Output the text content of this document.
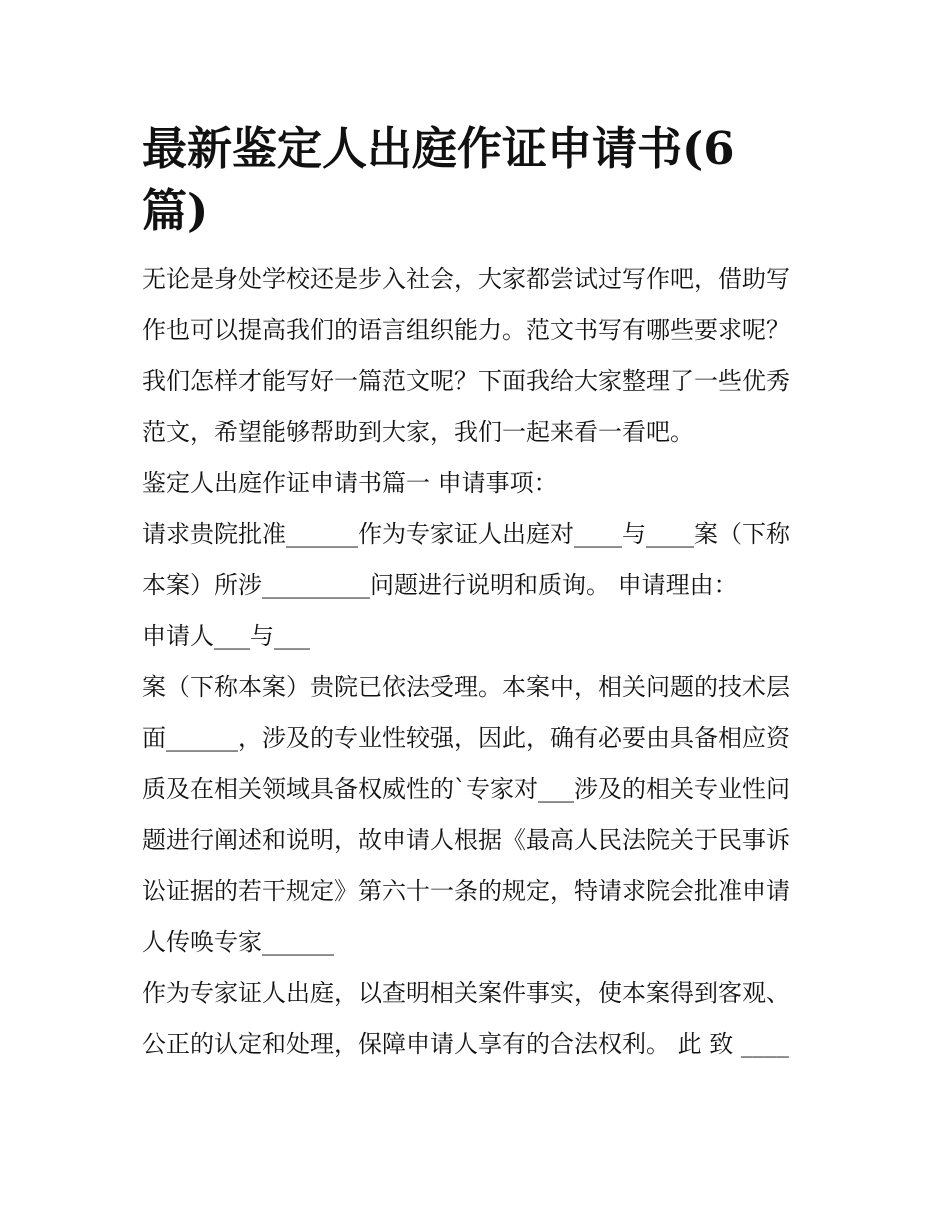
最新鉴定人出庭作证申请书(6
篇)
无论是身处学校还是步入社会，大家都尝试过写作吧，借助写
作也可以提高我们的语言组织能力。范文书写有哪些要求呢？
我们怎样才能写好一篇范文呢？下面我给大家整理了一些优秀
范文，希望能够帮助到大家，我们一起来看一看吧。
鉴定人出庭作证申请书篇一 申请事项：
请求贵院批准______作为专家证人出庭对____与____案（下称
本案）所涉_________问题进行说明和质询。 申请理由：
申请人___与___
案（下称本案）贵院已依法受理。本案中，相关问题的技术层
面______，涉及的专业性较强，因此，确有必要由具备相应资
质及在相关领域具备权威性的`专家对___涉及的相关专业性问
题进行阐述和说明，故申请人根据《最高人民法院关于民事诉
讼证据的若干规定》第六十一条的规定，特请求院会批准申请
人传唤专家______
作为专家证人出庭，以查明相关案件事实，使本案得到客观、
公正的认定和处理，保障申请人享有的合法权利。 此 致 ____
